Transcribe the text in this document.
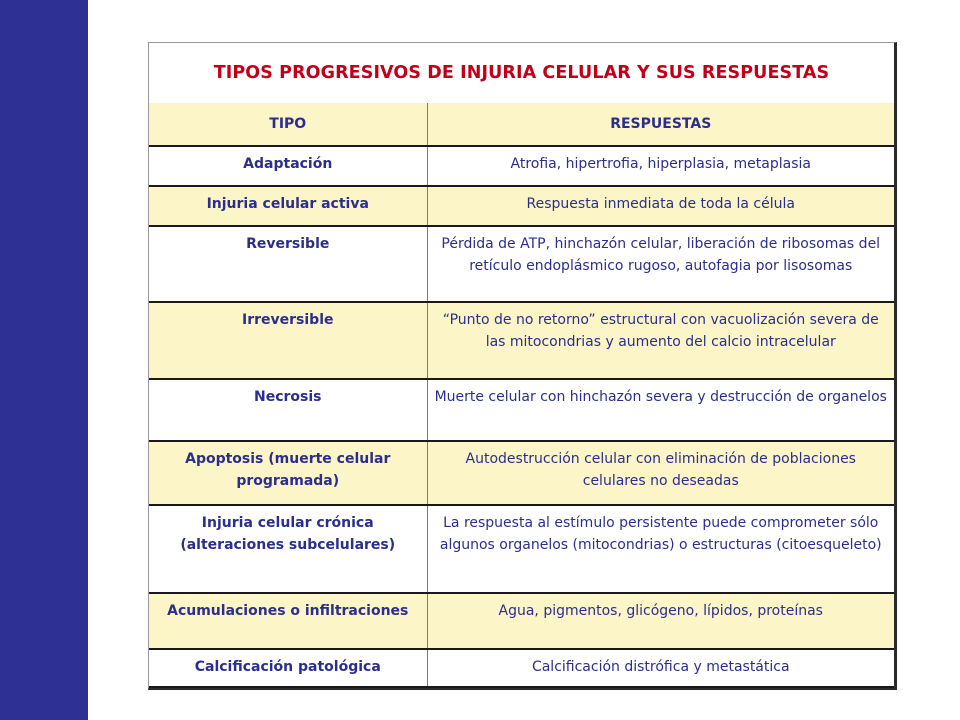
TIPOS PROGRESIVOS DE INJURIA CELULAR Y SUS RESPUESTAS
TIPO	RESPUESTAS
Adaptación	Atrofia, hipertrofia, hiperplasia, metaplasia
Injuria celular activa	Respuesta inmediata de toda la célula
Reversible	Pérdida de ATP, hinchazón celular, liberación de ribosomas del retículo endoplásmico rugoso, autofagia por lisosomas
Irreversible	“Punto de no retorno” estructural con vacuolización severa de las mitocondrias y aumento del calcio intracelular
Necrosis	Muerte celular con hinchazón severa y destrucción de organelos
Apoptosis (muerte celular programada)	Autodestrucción celular con eliminación de poblaciones celulares no deseadas
Injuria celular crónica (alteraciones subcelulares)	La respuesta al estímulo persistente puede comprometer sólo algunos organelos (mitocondrias) o estructuras (citoesqueleto)
Acumulaciones o infiltraciones	Agua, pigmentos, glicógeno, lípidos, proteínas
Calcificación patológica	Calcificación distrófica y metastática
